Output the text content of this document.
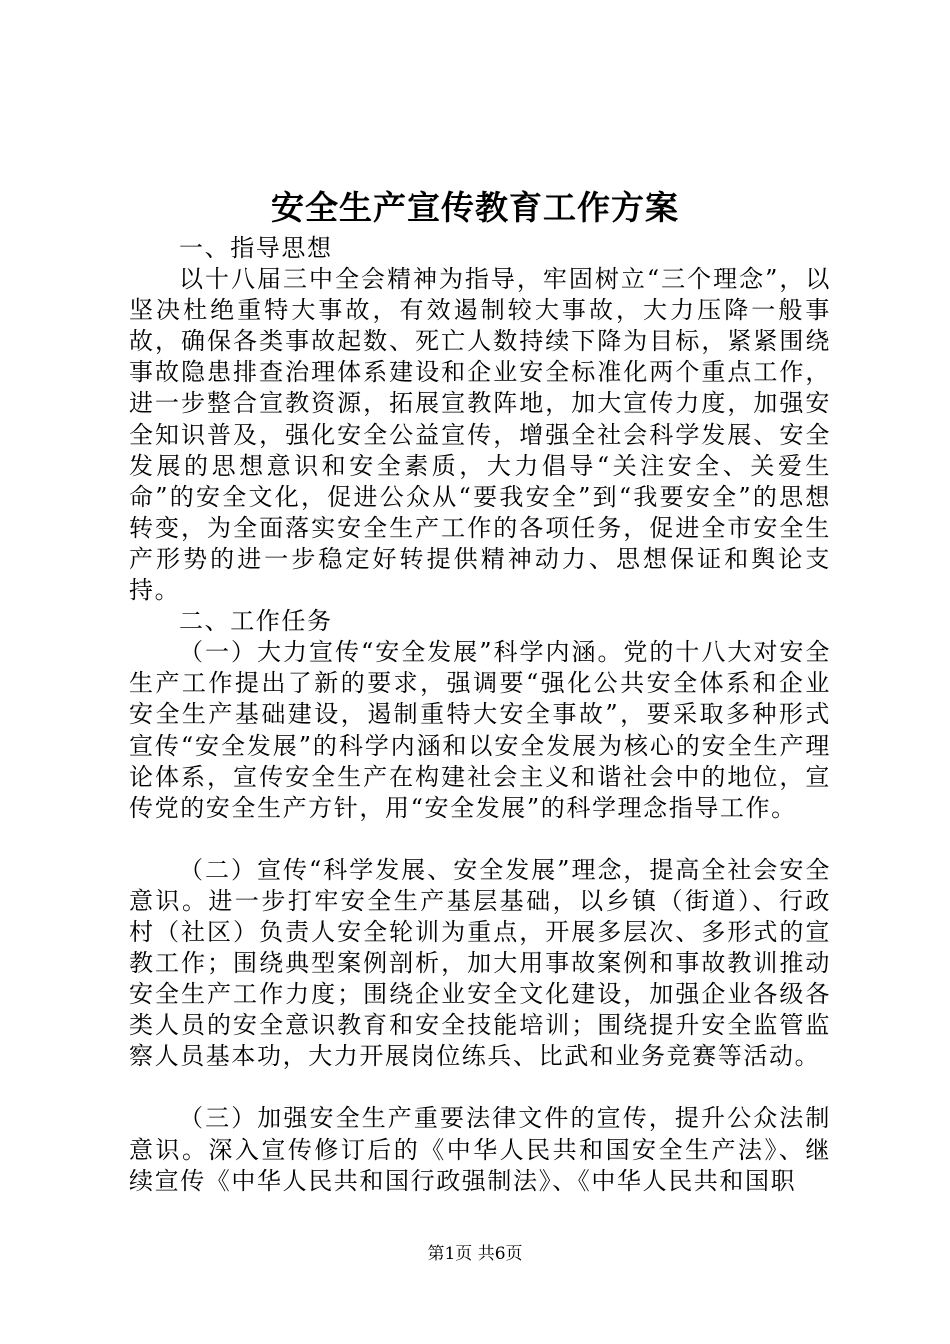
安全生产宣传教育工作方案

一、指导思想

以十八届三中全会精神为指导，牢固树立“三个理念”，以坚决杜绝重特大事故，有效遏制较大事故，大力压降一般事故，确保各类事故起数、死亡人数持续下降为目标，紧紧围绕事故隐患排查治理体系建设和企业安全标准化两个重点工作，进一步整合宣教资源，拓展宣教阵地，加大宣传力度，加强安全知识普及，强化安全公益宣传，增强全社会科学发展、安全发展的思想意识和安全素质，大力倡导“关注安全、关爱生命”的安全文化，促进公众从“要我安全”到“我要安全”的思想转变，为全面落实安全生产工作的各项任务，促进全市安全生产形势的进一步稳定好转提供精神动力、思想保证和舆论支持。

二、工作任务

（一）大力宣传“安全发展”科学内涵。党的十八大对安全生产工作提出了新的要求，强调要“强化公共安全体系和企业安全生产基础建设，遏制重特大安全事故”，要采取多种形式宣传“安全发展”的科学内涵和以安全发展为核心的安全生产理论体系，宣传安全生产在构建社会主义和谐社会中的地位，宣传党的安全生产方针，用“安全发展”的科学理念指导工作。

（二）宣传“科学发展、安全发展”理念，提高全社会安全意识。进一步打牢安全生产基层基础，以乡镇（街道）、行政村（社区）负责人安全轮训为重点，开展多层次、多形式的宣教工作；围绕典型案例剖析，加大用事故案例和事故教训推动安全生产工作力度；围绕企业安全文化建设，加强企业各级各类人员的安全意识教育和安全技能培训；围绕提升安全监管监察人员基本功，大力开展岗位练兵、比武和业务竞赛等活动。

（三）加强安全生产重要法律文件的宣传，提升公众法制意识。深入宣传修订后的《中华人民共和国安全生产法》、继续宣传《中华人民共和国行政强制法》、《中华人民共和国职

第1页 共6页
